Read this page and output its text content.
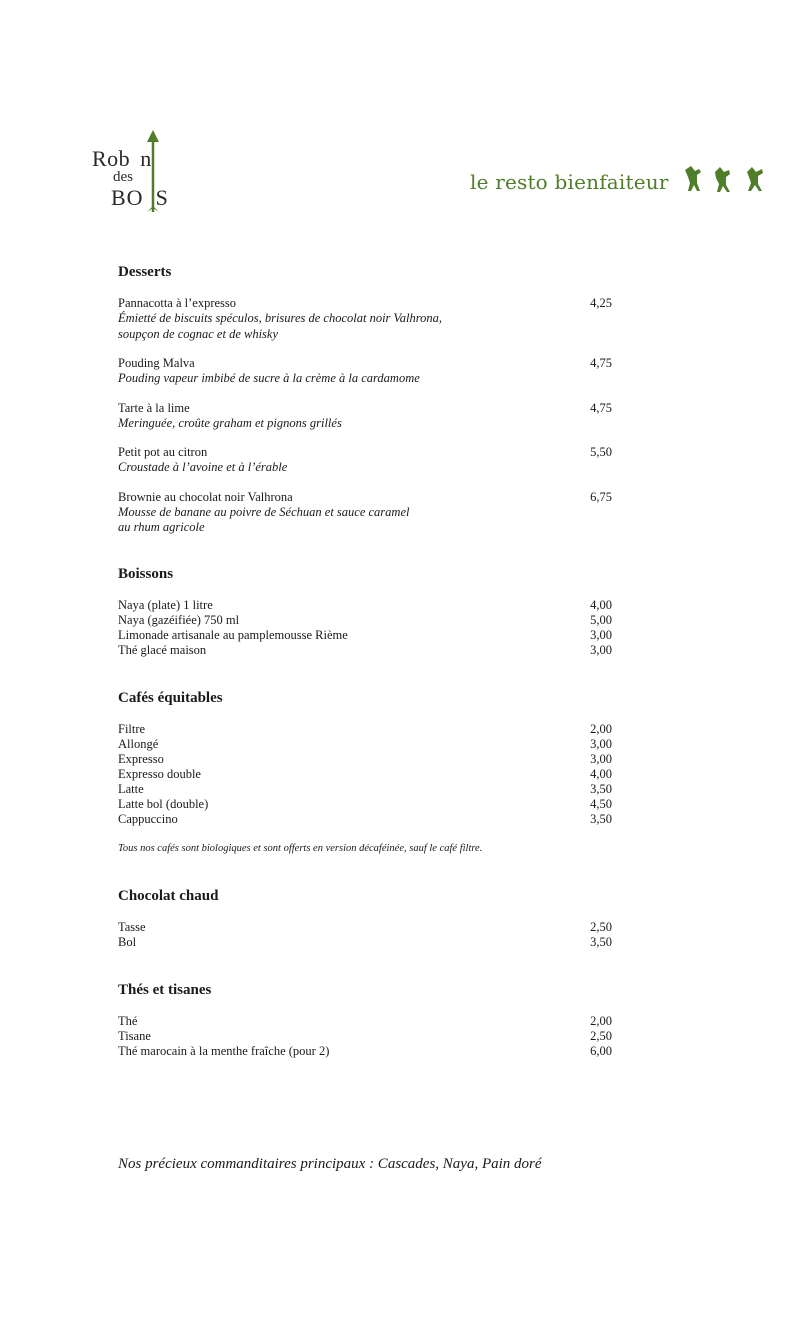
Rob n
des
BO S
le resto bienfaiteur
Desserts
Pannacotta à l’expresso	4,25
Émietté de biscuits spéculos, brisures de chocolat noir Valhrona,
soupçon de cognac et de whisky
Pouding Malva	4,75
Pouding vapeur imbibé de sucre à la crème à la cardamome
Tarte à la lime	4,75
Meringuée, croûte graham et pignons grillés
Petit pot au citron	5,50
Croustade à l’avoine et à l’érable
Brownie au chocolat noir Valhrona	6,75
Mousse de banane au poivre de Séchuan et sauce caramel
au rhum agricole
Boissons
Naya (plate) 1 litre	4,00
Naya (gazéifiée) 750 ml	5,00
Limonade artisanale au pamplemousse Rième	3,00
Thé glacé maison	3,00
Cafés équitables
Filtre	2,00
Allongé	3,00
Expresso	3,00
Expresso double	4,00
Latte	3,50
Latte bol (double)	4,50
Cappuccino	3,50
Tous nos cafés sont biologiques et sont offerts en version décaféinée, sauf le café filtre.
Chocolat chaud
Tasse	2,50
Bol	3,50
Thés et tisanes
Thé	2,00
Tisane	2,50
Thé marocain à la menthe fraîche (pour 2)	6,00
Nos précieux commanditaires principaux : Cascades, Naya, Pain doré
